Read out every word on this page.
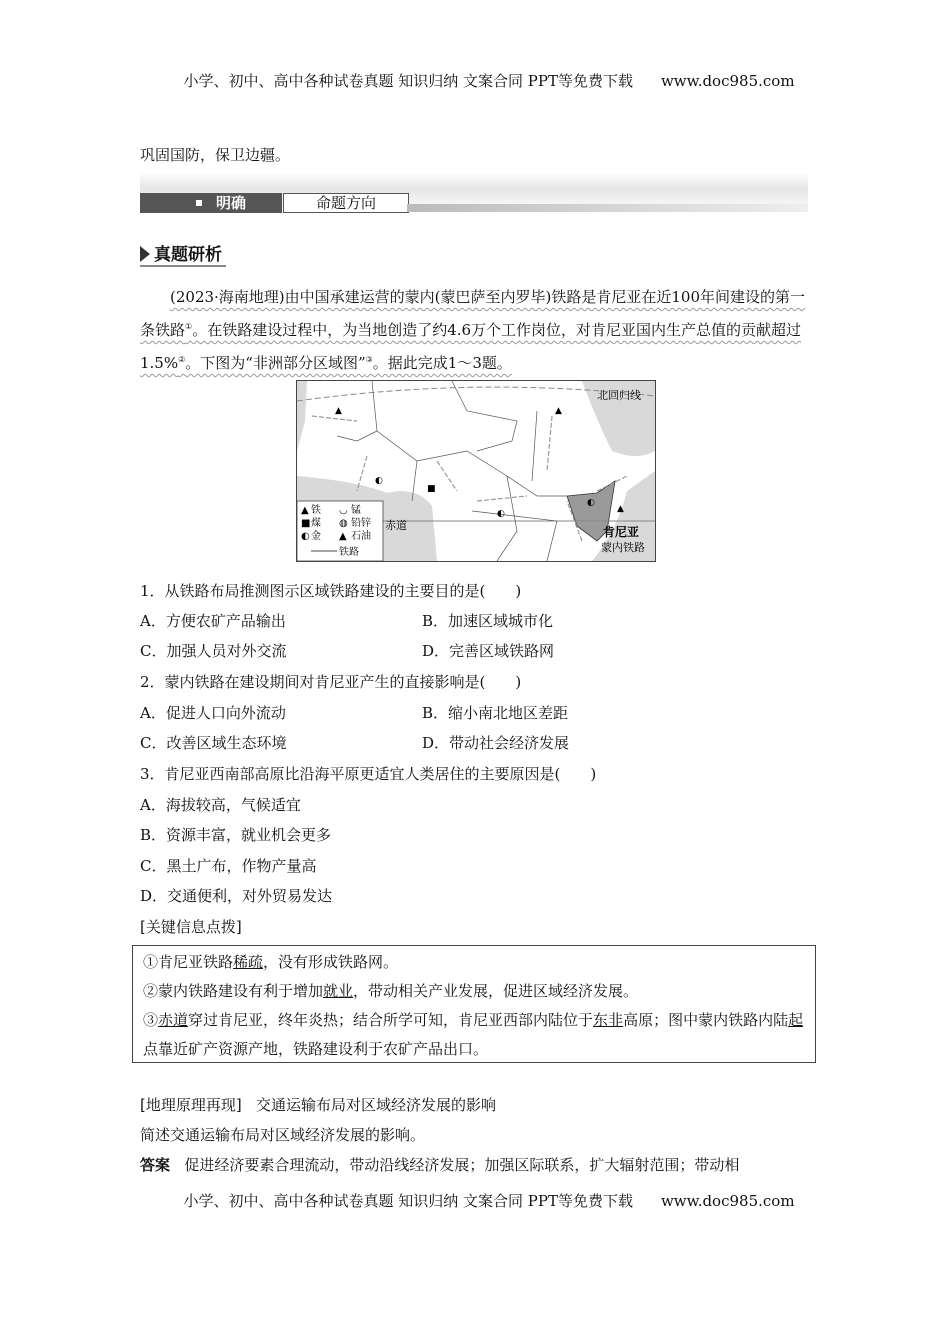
小学、初中、高中各种试卷真题 知识归纳 文案合同 PPT等免费下载 www.doc985.com
巩固国防，保卫边疆。
明确	命题方向
真题研析
(2023·海南地理)由中国承建运营的蒙内(蒙巴萨至内罗毕)铁路是肯尼亚在近100年间建设的第一条铁路①。在铁路建设过程中，为当地创造了约4.6万个工作岗位，对肯尼亚国内生产总值的贡献超过1.5%②。下图为“非洲部分区域图”③。据此完成1～3题。
◐
▲	▲
■
◐
▲
◐
北回归线
赤道	肯尼亚
蒙内铁路
▲ 铁 ◡ 锰
■ 煤 ◍ 铅锌
◐ 金 ▲ 石油
铁路
1．从铁路布局推测图示区域铁路建设的主要目的是(　　)
A．方便农矿产品输出	B．加速区域城市化
C．加强人员对外交流	D．完善区域铁路网
2．蒙内铁路在建设期间对肯尼亚产生的直接影响是(　　)
A．促进人口向外流动	B．缩小南北地区差距
C．改善区域生态环境	D．带动社会经济发展
3．肯尼亚西南部高原比沿海平原更适宜人类居住的主要原因是(　　)
A．海拔较高，气候适宜
B．资源丰富，就业机会更多
C．黑土广布，作物产量高
D．交通便利，对外贸易发达
[关键信息点拨]
①肯尼亚铁路稀疏，没有形成铁路网。
②蒙内铁路建设有利于增加就业，带动相关产业发展，促进区域经济发展。
③赤道穿过肯尼亚，终年炎热；结合所学可知，肯尼亚西部内陆位于东非高原；图中蒙内铁路内陆起点靠近矿产资源产地，铁路建设利于农矿产品出口。
[地理原理再现] 交通运输布局对区域经济发展的影响
简述交通运输布局对区域经济发展的影响。
答案 促进经济要素合理流动，带动沿线经济发展；加强区际联系，扩大辐射范围；带动相
小学、初中、高中各种试卷真题 知识归纳 文案合同 PPT等免费下载 www.doc985.com
